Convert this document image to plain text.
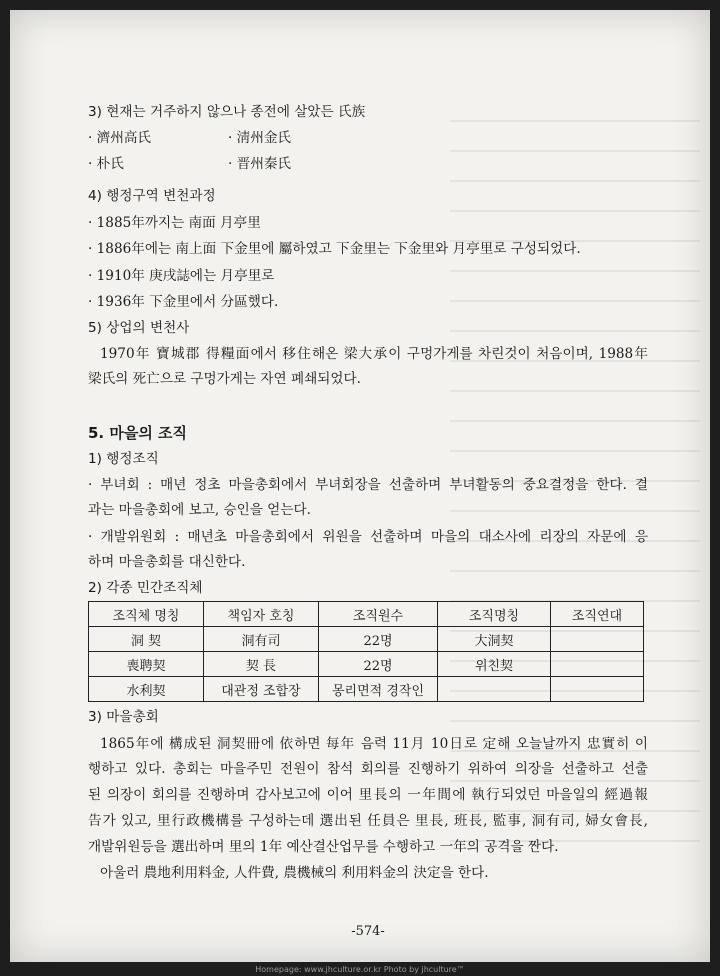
3) 현재는 거주하지 않으나 종전에 살았든 氏族
· 濟州高氏	· 淸州金氏
· 朴氏	· 晋州秦氏
4) 행정구역 변천과정
· 1885年까지는 南面 月亭里
· 1886年에는 南上面 下金里에 屬하였고 下金里는 下金里와 月亭里로 구성되었다.
· 1910年 庚戌誌에는 月亭里로
· 1936年 下金里에서 分區했다.
5) 상업의 변천사
1970年 寶城郡 得糧面에서 移住해온 梁大承이 구멍가게를 차린것이 처음이며, 1988年
梁氏의 死亡으로 구멍가게는 자연 폐쇄되었다.
5. 마을의 조직
1) 행정조직
· 부녀회 : 매년 정초 마을총회에서 부녀회장을 선출하며 부녀활동의 중요결정을 한다. 결
과는 마을총회에 보고, 승인을 얻는다.
· 개발위원회 : 매년초 마을총회에서 위원을 선출하며 마을의 대소사에 리장의 자문에 응
하며 마을총회를 대신한다.
2) 각종 민간조직체
조직체 명칭	책임자 호칭	조직원수	조직명칭	조직연대
洞 契	洞有司	22명	大洞契	
喪聘契	契 長	22명	위친契	
水利契	대관정 조합장	몽리면적 경작인		
3) 마을총회
1865年에 構成된 洞契冊에 依하면 每年 음력 11月 10日로 定해 오늘날까지 忠實히 이
행하고 있다. 총회는 마을주민 전원이 참석 회의를 진행하기 위하여 의장을 선출하고 선출
된 의장이 회의를 진행하며 감사보고에 이어 里長의 一年間에 執行되었던 마을일의 經過報
告가 있고, 里行政機構를 구성하는데 選出된 任員은 里長, 班長, 監事, 洞有司, 婦女會長,
개발위원등을 選出하며 里의 1年 예산결산업무를 수행하고 一年의 공격을 짠다.
아울러 農地利用料金, 人件費, 農機械의 利用料金의 決定을 한다.
-574-
Homepage: www.jhculture.or.kr Photo by jhculture™
